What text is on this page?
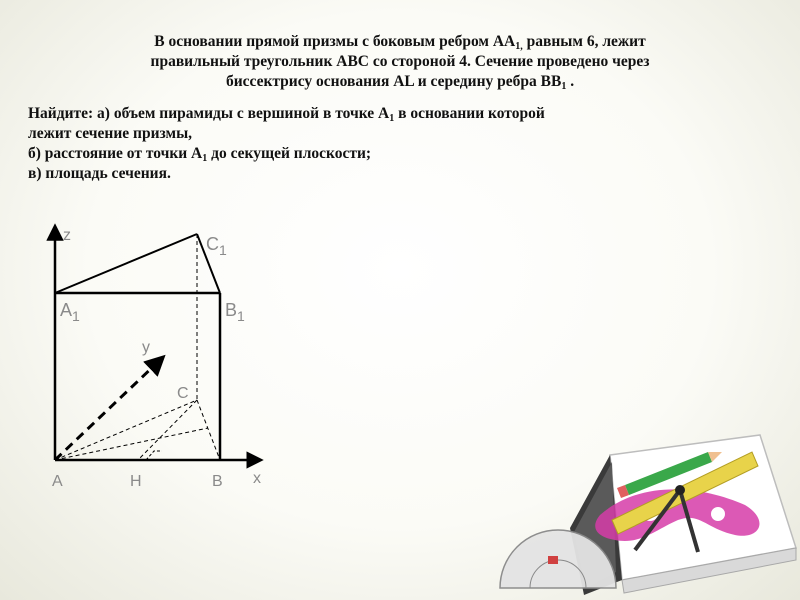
В основании прямой призмы с боковым ребром $АА_{1,}$ равным 6, лежит
правильный треугольник АВС со стороной 4. Сечение проведено через
биссектрису основания АL и середину ребра $ВВ_1$ .
Найдите: а) объем пирамиды с вершиной в точке $А_1$ в основании которой
лежит сечение призмы,
б) расстояние от точки $А_1$ до секущей плоскости;
в) площадь сечения.
z
y
x
A	H	B
C
A1	B1
C1
